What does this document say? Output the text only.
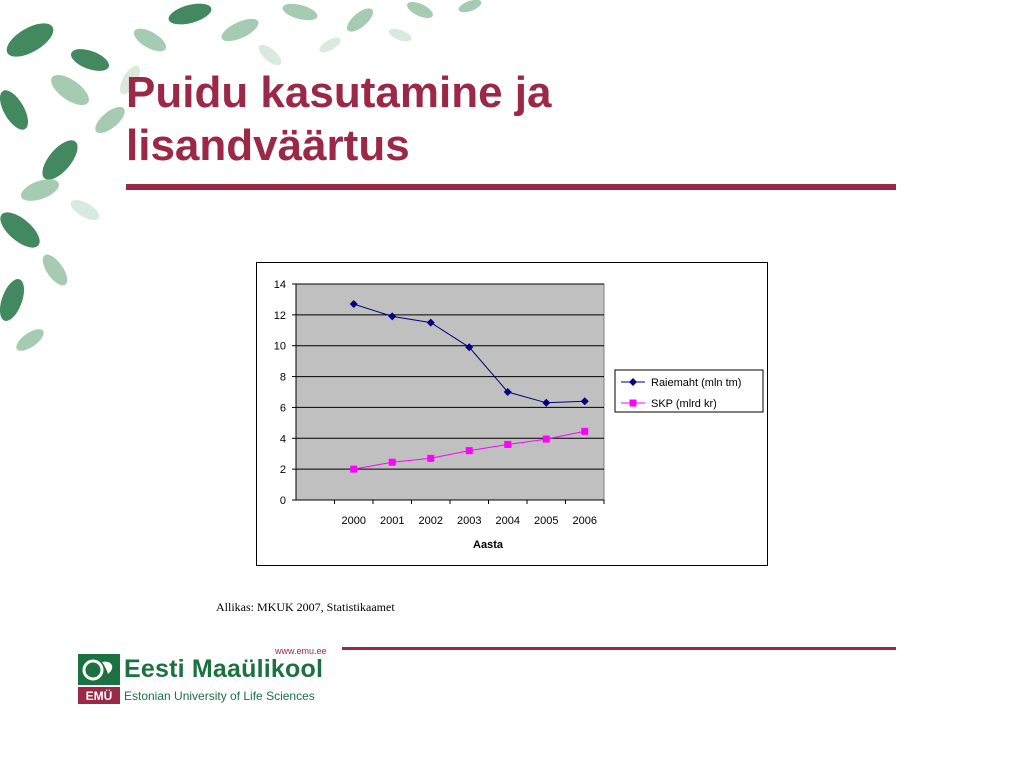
Puidu kasutamine ja
lisandväärtus
0
2
4
6
8
10
12
14
2000 2001 2002 2003 2004 2005 2006
Aasta
Raiemaht (mln tm)
SKP (mlrd kr)
Allikas: MKUK 2007, Statistikaamet
www.emu.ee
EMÜ
Eesti Maaülikool
Estonian University of Life Sciences
